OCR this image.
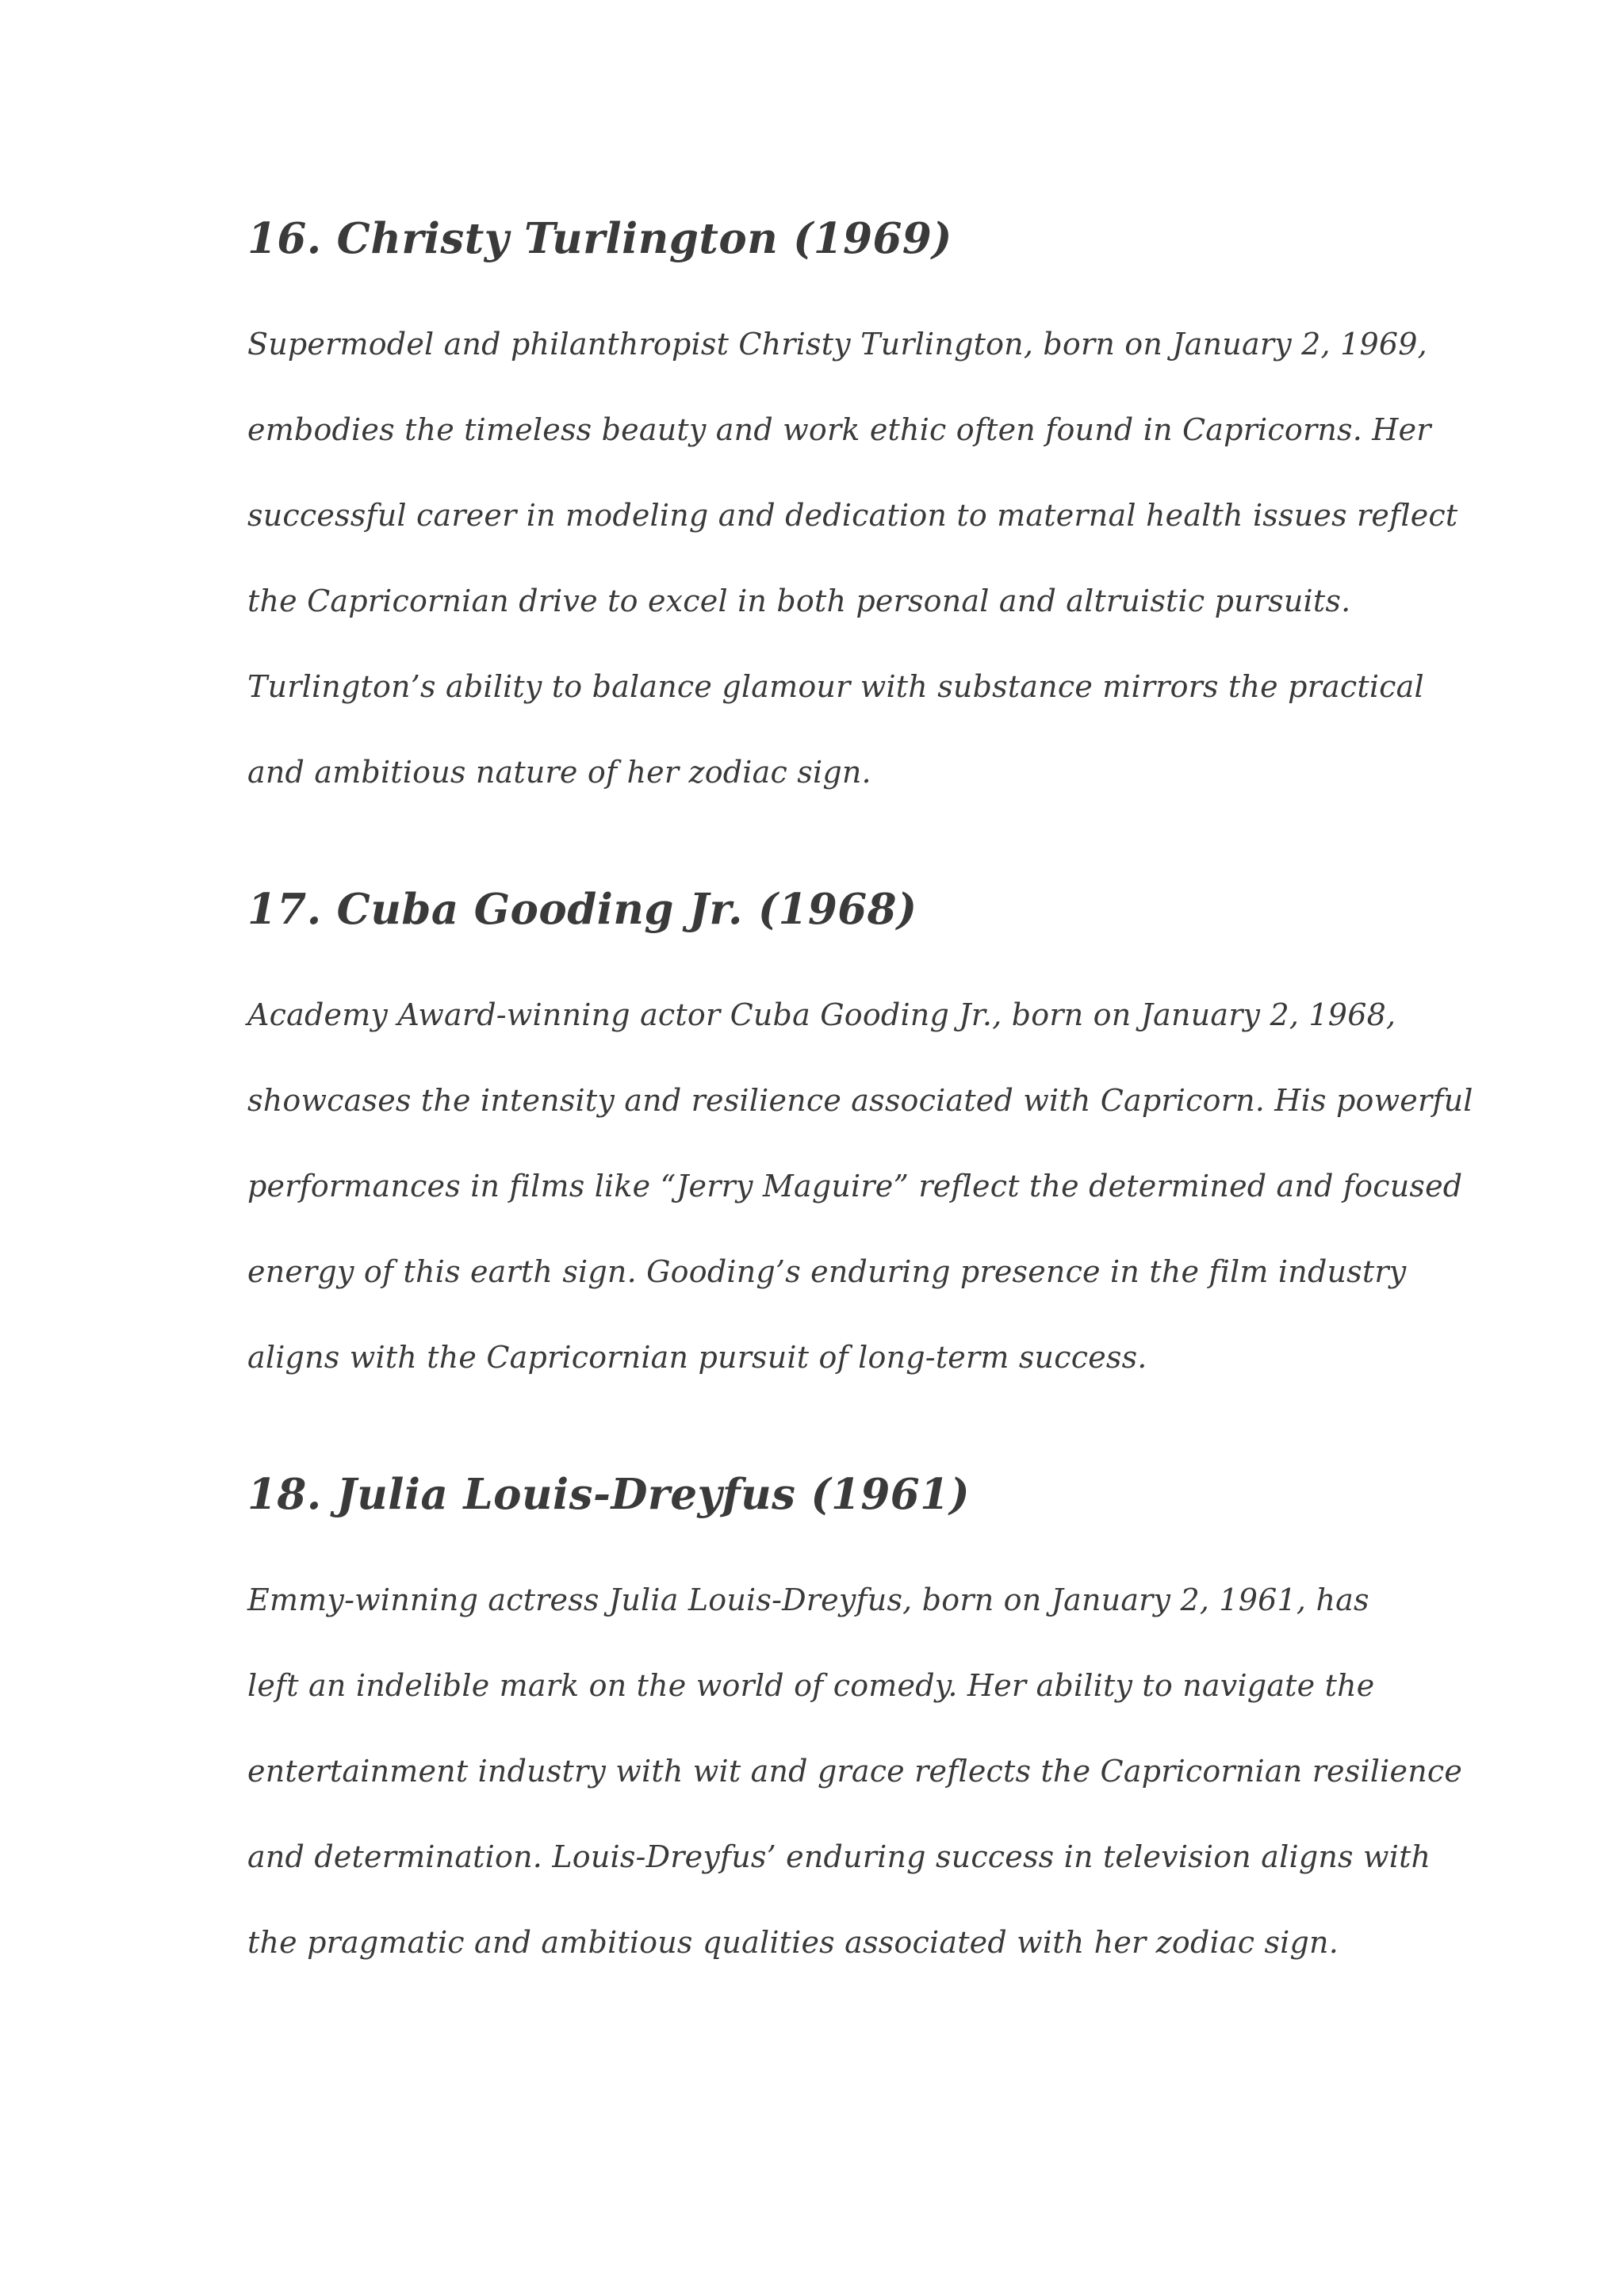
16. Christy Turlington (1969)
Supermodel and philanthropist Christy Turlington, born on January 2, 1969,
embodies the timeless beauty and work ethic often found in Capricorns. Her
successful career in modeling and dedication to maternal health issues reflect
the Capricornian drive to excel in both personal and altruistic pursuits.
Turlington’s ability to balance glamour with substance mirrors the practical
and ambitious nature of her zodiac sign.
17. Cuba Gooding Jr. (1968)
Academy Award-winning actor Cuba Gooding Jr., born on January 2, 1968,
showcases the intensity and resilience associated with Capricorn. His powerful
performances in films like “Jerry Maguire” reflect the determined and focused
energy of this earth sign. Gooding’s enduring presence in the film industry
aligns with the Capricornian pursuit of long-term success.
18. Julia Louis-Dreyfus (1961)
Emmy-winning actress Julia Louis-Dreyfus, born on January 2, 1961, has
left an indelible mark on the world of comedy. Her ability to navigate the
entertainment industry with wit and grace reflects the Capricornian resilience
and determination. Louis-Dreyfus’ enduring success in television aligns with
the pragmatic and ambitious qualities associated with her zodiac sign.
